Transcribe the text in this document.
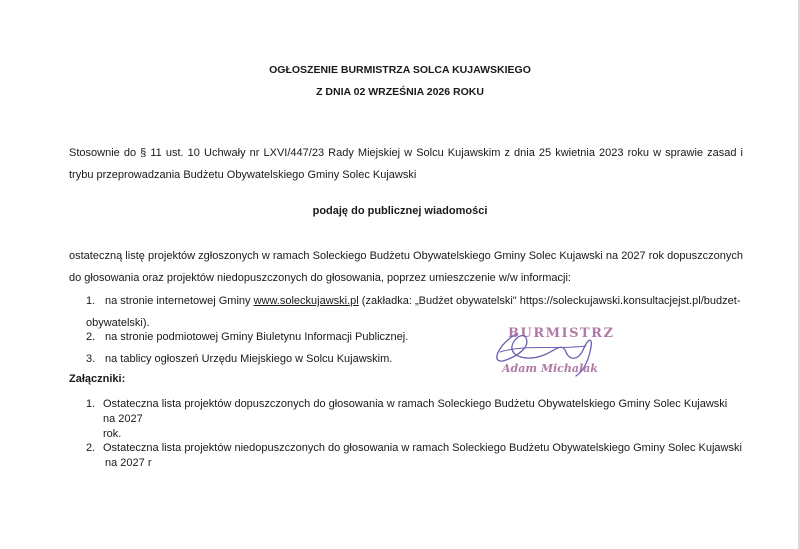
OGŁOSZENIE BURMISTRZA SOLCA KUJAWSKIEGO
Z DNIA 02 WRZEŚNIA 2026 ROKU
Stosownie do § 11 ust. 10 Uchwały nr LXVI/447/23 Rady Miejskiej w Solcu Kujawskim z dnia 25 kwietnia 2023 roku w sprawie zasad i trybu przeprowadzania Budżetu Obywatelskiego Gminy Solec Kujawski
podaję do publicznej wiadomości
ostateczną listę projektów zgłoszonych w ramach Soleckiego Budżetu Obywatelskiego Gminy Solec Kujawski na 2027 rok dopuszczonych do głosowania oraz projektów niedopuszczonych do głosowania, poprzez umieszczenie w/w informacji:
1. na stronie internetowej Gminy www.soleckujawski.pl (zakładka: „Budżet obywatelski" https://soleckujawski.konsultacjejst.pl/budzet-
obywatelski).
2. na stronie podmiotowej Gminy Biuletynu Informacji Publicznej.
3. na tablicy ogłoszeń Urzędu Miejskiego w Solcu Kujawskim.
Załączniki:
1. Ostateczna lista projektów dopuszczonych do głosowania w ramach Soleckiego Budżetu Obywatelskiego Gminy Solec Kujawski na 2027
rok.
2. Ostateczna lista projektów niedopuszczonych do głosowania w ramach Soleckiego Budżetu Obywatelskiego Gminy Solec Kujawski
na 2027 r
BURMISTRZ
Adam Michalak
